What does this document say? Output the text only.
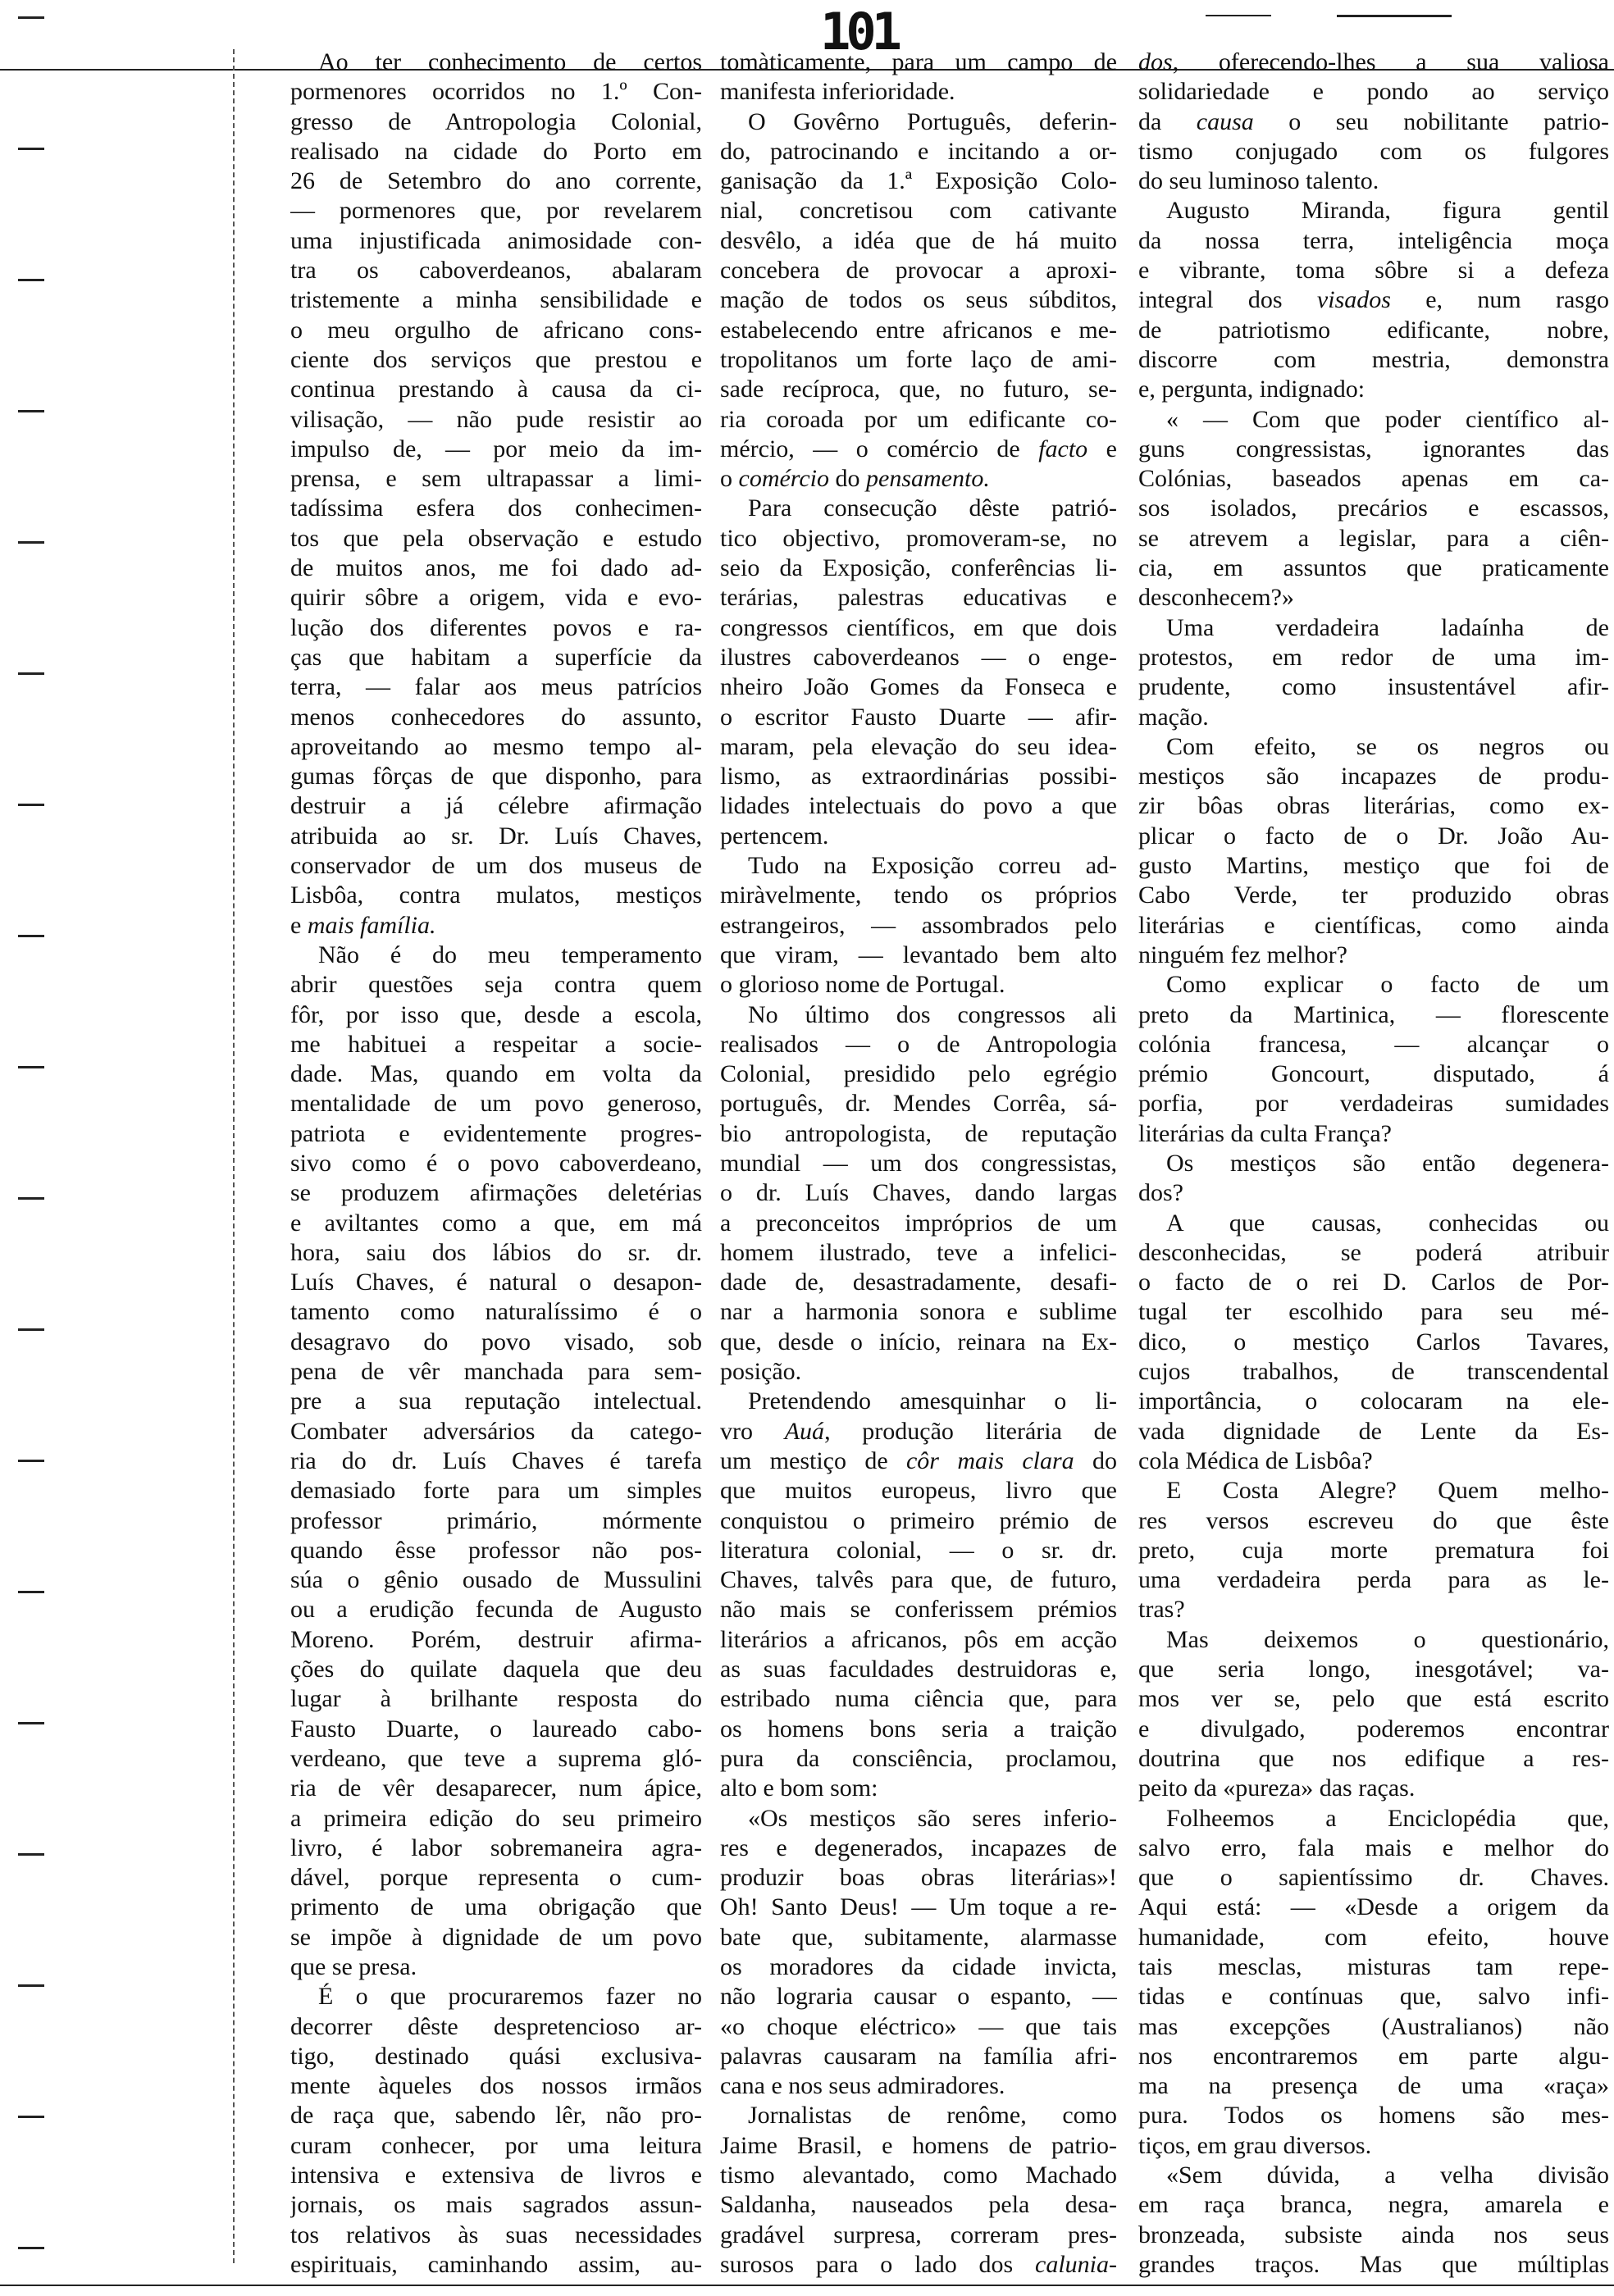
101
Ao ter conhecimento de certos
pormenores ocorridos no 1.º Con-
gresso de Antropologia Colonial,
realisado na cidade do Porto em
26 de Setembro do ano corrente,
— pormenores que, por revelarem
uma injustificada animosidade con-
tra os caboverdeanos, abalaram
tristemente a minha sensibilidade e
o meu orgulho de africano cons-
ciente dos serviços que prestou e
continua prestando à causa da ci-
vilisação, — não pude resistir ao
impulso de, — por meio da im-
prensa, e sem ultrapassar a limi-
tadíssima esfera dos conhecimen-
tos que pela observação e estudo
de muitos anos, me foi dado ad-
quirir sôbre a origem, vida e evo-
lução dos diferentes povos e ra-
ças que habitam a superfície da
terra, — falar aos meus patrícios
menos conhecedores do assunto,
aproveitando ao mesmo tempo al-
gumas fôrças de que disponho, para
destruir a já célebre afirmação
atribuida ao sr. Dr. Luís Chaves,
conservador de um dos museus de
Lisbôa, contra mulatos, mestiços
e mais família.
Não é do meu temperamento
abrir questões seja contra quem
fôr, por isso que, desde a escola,
me habituei a respeitar a socie-
dade. Mas, quando em volta da
mentalidade de um povo generoso,
patriota e evidentemente progres-
sivo como é o povo caboverdeano,
se produzem afirmações deletérias
e aviltantes como a que, em má
hora, saiu dos lábios do sr. dr.
Luís Chaves, é natural o desapon-
tamento como naturalíssimo é o
desagravo do povo visado, sob
pena de vêr manchada para sem-
pre a sua reputação intelectual.
Combater adversários da catego-
ria do dr. Luís Chaves é tarefa
demasiado forte para um simples
professor primário, mórmente
quando êsse professor não pos-
súa o gênio ousado de Mussulini
ou a erudição fecunda de Augusto
Moreno. Porém, destruir afirma-
ções do quilate daquela que deu
lugar à brilhante resposta do
Fausto Duarte, o laureado cabo-
verdeano, que teve a suprema gló-
ria de vêr desaparecer, num ápice,
a primeira edição do seu primeiro
livro, é labor sobremaneira agra-
dável, porque representa o cum-
primento de uma obrigação que
se impõe à dignidade de um povo
que se presa.
É o que procuraremos fazer no
decorrer dêste despretencioso ar-
tigo, destinado quási exclusiva-
mente àqueles dos nossos irmãos
de raça que, sabendo lêr, não pro-
curam conhecer, por uma leitura
intensiva e extensiva de livros e
jornais, os mais sagrados assun-
tos relativos às suas necessidades
espirituais, caminhando assim, au-
tomàticamente, para um campo de
manifesta inferioridade.
O Govêrno Português, deferin-
do, patrocinando e incitando a or-
ganisação da 1.ª Exposição Colo-
nial, concretisou com cativante
desvêlo, a idéa que de há muito
concebera de provocar a aproxi-
mação de todos os seus súbditos,
estabelecendo entre africanos e me-
tropolitanos um forte laço de ami-
sade recíproca, que, no futuro, se-
ria coroada por um edificante co-
mércio, — o comércio de facto e
o comércio do pensamento.
Para consecução dêste patrió-
tico objectivo, promoveram-se, no
seio da Exposição, conferências li-
terárias, palestras educativas e
congressos científicos, em que dois
ilustres caboverdeanos — o enge-
nheiro João Gomes da Fonseca e
o escritor Fausto Duarte — afir-
maram, pela elevação do seu idea-
lismo, as extraordinárias possibi-
lidades intelectuais do povo a que
pertencem.
Tudo na Exposição correu ad-
miràvelmente, tendo os próprios
estrangeiros, — assombrados pelo
que viram, — levantado bem alto
o glorioso nome de Portugal.
No último dos congressos ali
realisados — o de Antropologia
Colonial, presidido pelo egrégio
português, dr. Mendes Corrêa, sá-
bio antropologista, de reputação
mundial — um dos congressistas,
o dr. Luís Chaves, dando largas
a preconceitos impróprios de um
homem ilustrado, teve a infelici-
dade de, desastradamente, desafi-
nar a harmonia sonora e sublime
que, desde o início, reinara na Ex-
posição.
Pretendendo amesquinhar o li-
vro Auá, produção literária de
um mestiço de côr mais clara do
que muitos europeus, livro que
conquistou o primeiro prémio de
literatura colonial, — o sr. dr.
Chaves, talvês para que, de futuro,
não mais se conferissem prémios
literários a africanos, pôs em acção
as suas faculdades destruidoras e,
estribado numa ciência que, para
os homens bons seria a traição
pura da consciência, proclamou,
alto e bom som:
«Os mestiços são seres inferio-
res e degenerados, incapazes de
produzir boas obras literárias»!
Oh! Santo Deus! — Um toque a re-
bate que, subitamente, alarmasse
os moradores da cidade invicta,
não lograria causar o espanto, —
«o choque eléctrico» — que tais
palavras causaram na família afri-
cana e nos seus admiradores.
Jornalistas de renôme, como
Jaime Brasil, e homens de patrio-
tismo alevantado, como Machado
Saldanha, nauseados pela desa-
gradável surpresa, correram pres-
surosos para o lado dos calunia-
dos, oferecendo-lhes a sua valiosa
solidariedade e pondo ao serviço
da causa o seu nobilitante patrio-
tismo conjugado com os fulgores
do seu luminoso talento.
Augusto Miranda, figura gentil
da nossa terra, inteligência moça
e vibrante, toma sôbre si a defeza
integral dos visados e, num rasgo
de patriotismo edificante, nobre,
discorre com mestria, demonstra
e, pergunta, indignado:
« — Com que poder científico al-
guns congressistas, ignorantes das
Colónias, baseados apenas em ca-
sos isolados, precários e escassos,
se atrevem a legislar, para a ciên-
cia, em assuntos que praticamente
desconhecem?»
Uma verdadeira ladaínha de
protestos, em redor de uma im-
prudente, como insustentável afir-
mação.
Com efeito, se os negros ou
mestiços são incapazes de produ-
zir bôas obras literárias, como ex-
plicar o facto de o Dr. João Au-
gusto Martins, mestiço que foi de
Cabo Verde, ter produzido obras
literárias e científicas, como ainda
ninguém fez melhor?
Como explicar o facto de um
preto da Martinica, — florescente
colónia francesa, — alcançar o
prémio Goncourt, disputado, á
porfia, por verdadeiras sumidades
literárias da culta França?
Os mestiços são então degenera-
dos?
A que causas, conhecidas ou
desconhecidas, se poderá atribuir
o facto de o rei D. Carlos de Por-
tugal ter escolhido para seu mé-
dico, o mestiço Carlos Tavares,
cujos trabalhos, de transcendental
importância, o colocaram na ele-
vada dignidade de Lente da Es-
cola Médica de Lisbôa?
E Costa Alegre? Quem melho-
res versos escreveu do que êste
preto, cuja morte prematura foi
uma verdadeira perda para as le-
tras?
Mas deixemos o questionário,
que seria longo, inesgotável; va-
mos ver se, pelo que está escrito
e divulgado, poderemos encontrar
doutrina que nos edifique a res-
peito da «pureza» das raças.
Folheemos a Enciclopédia que,
salvo erro, fala mais e melhor do
que o sapientíssimo dr. Chaves.
Aqui está: — «Desde a origem da
humanidade, com efeito, houve
tais mesclas, misturas tam repe-
tidas e contínuas que, salvo infi-
mas excepções (Australianos) não
nos encontraremos em parte algu-
ma na presença de uma «raça»
pura. Todos os homens são mes-
tiços, em grau diversos.
«Sem dúvida, a velha divisão
em raça branca, negra, amarela e
bronzeada, subsiste ainda nos seus
grandes traços. Mas que múltiplas
